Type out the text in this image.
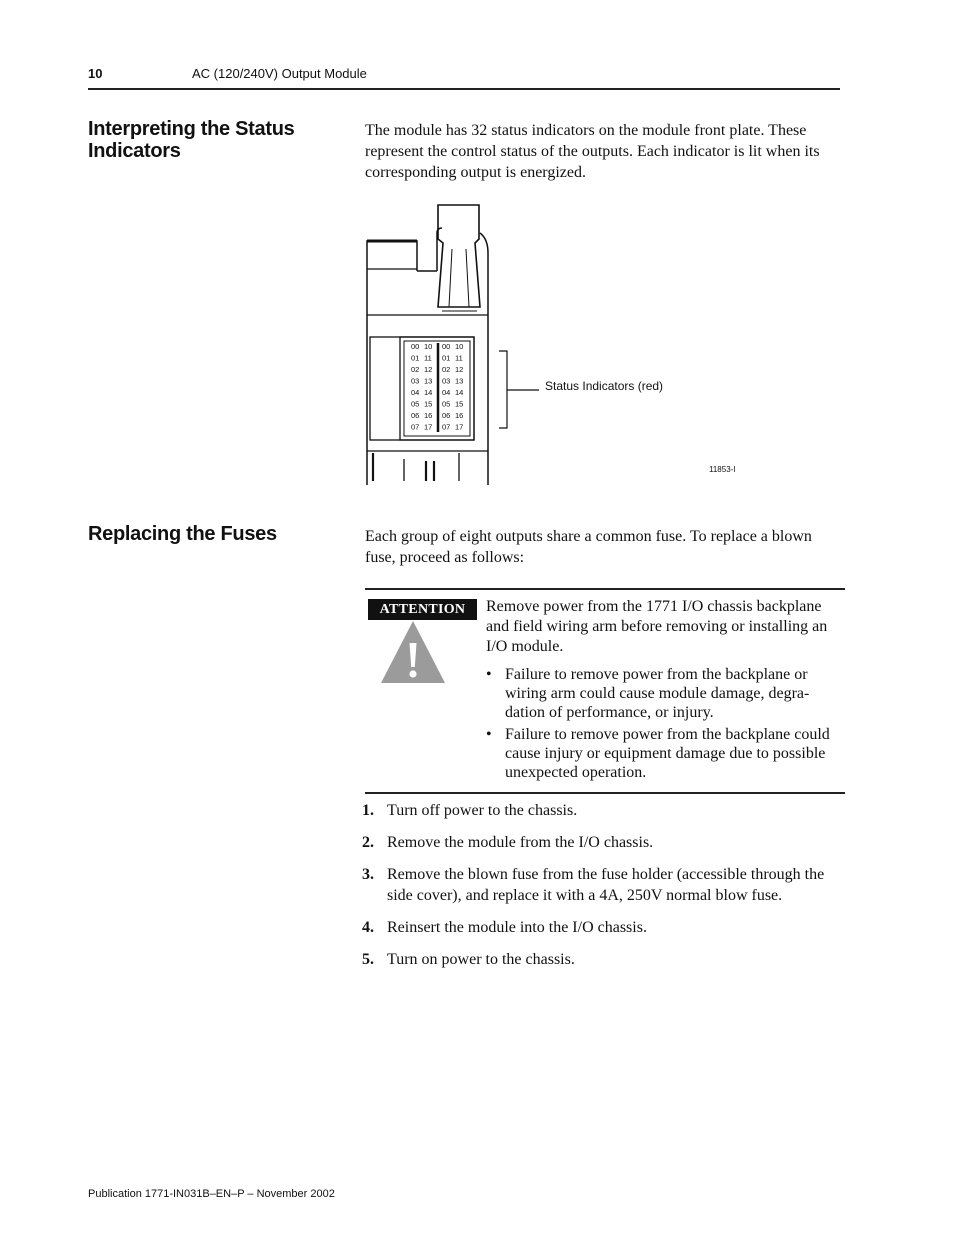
10	AC (120/240V) Output Module
Interpreting the Status
Indicators
The module has 32 status indicators on the module front plate. These represent the control status of the outputs. Each indicator is lit when its corresponding output is energized.
00 10 00 10
01 11 01 11
02 12 02 12
03 13 03 13
04 14 04 14
05 15 05 15
06 16 06 16
07 17 07 17
Status Indicators (red)
11853-I
Replacing the Fuses	Each group of eight outputs share a common fuse. To replace a blown fuse, proceed as follows:
ATTENTION	Remove power from the 1771 I/O chassis backplane and field wiring arm before removing or installing an I/O module.
• Failure to remove power from the backplane or wiring arm could cause module damage, degra-dation of performance, or injury.
• Failure to remove power from the backplane could cause injury or equipment damage due to possible unexpected operation.
1. Turn off power to the chassis.
2. Remove the module from the I/O chassis.
3. Remove the blown fuse from the fuse holder (accessible through the side cover), and replace it with a 4A, 250V normal blow fuse.
4. Reinsert the module into the I/O chassis.
5. Turn on power to the chassis.
Publication 1771-IN031B–EN–P – November 2002
